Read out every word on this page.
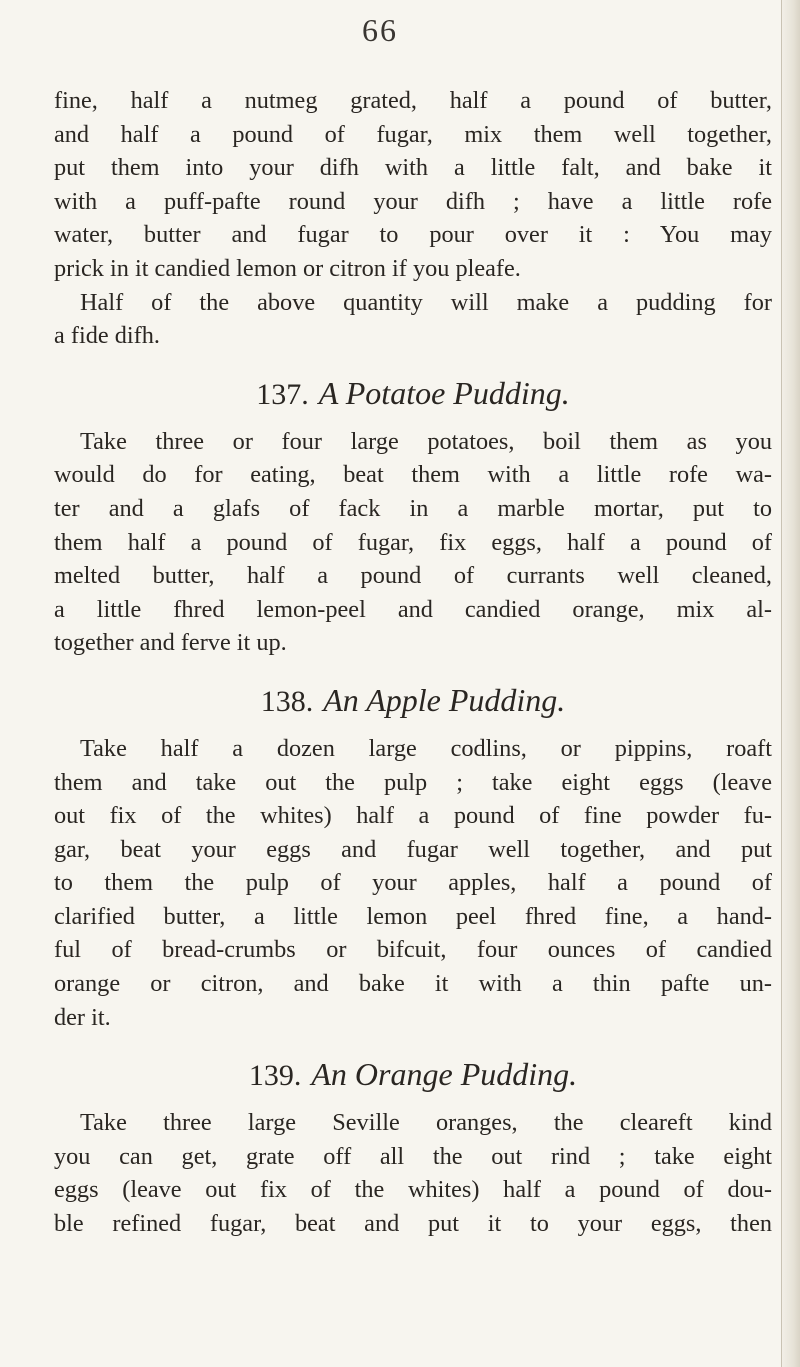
66

fine, half a nutmeg grated, half a pound of butter,
and half a pound of fugar, mix them well together,
put them into your difh with a little falt, and bake it
with a puff-pafte round your difh ; have a little rofe
water, butter and fugar to pour over it : You may
prick in it candied lemon or citron if you pleafe.

Half of the above quantity will make a pudding for
a fide difh.

137. A Potatoe Pudding.

Take three or four large potatoes, boil them as you
would do for eating, beat them with a little rofe wa-
ter and a glafs of fack in a marble mortar, put to
them half a pound of fugar, fix eggs, half a pound of
melted butter, half a pound of currants well cleaned,
a little fhred lemon-peel and candied orange, mix al-
together and ferve it up.

138. An Apple Pudding.

Take half a dozen large codlins, or pippins, roaft
them and take out the pulp ; take eight eggs (leave
out fix of the whites) half a pound of fine powder fu-
gar, beat your eggs and fugar well together, and put
to them the pulp of your apples, half a pound of
clarified butter, a little lemon peel fhred fine, a hand-
ful of bread-crumbs or bifcuit, four ounces of candied
orange or citron, and bake it with a thin pafte un-
der it.

139. An Orange Pudding.

Take three large Seville oranges, the cleareft kind
you can get, grate off all the out rind ; take eight
eggs (leave out fix of the whites) half a pound of dou-
ble refined fugar, beat and put it to your eggs, then
